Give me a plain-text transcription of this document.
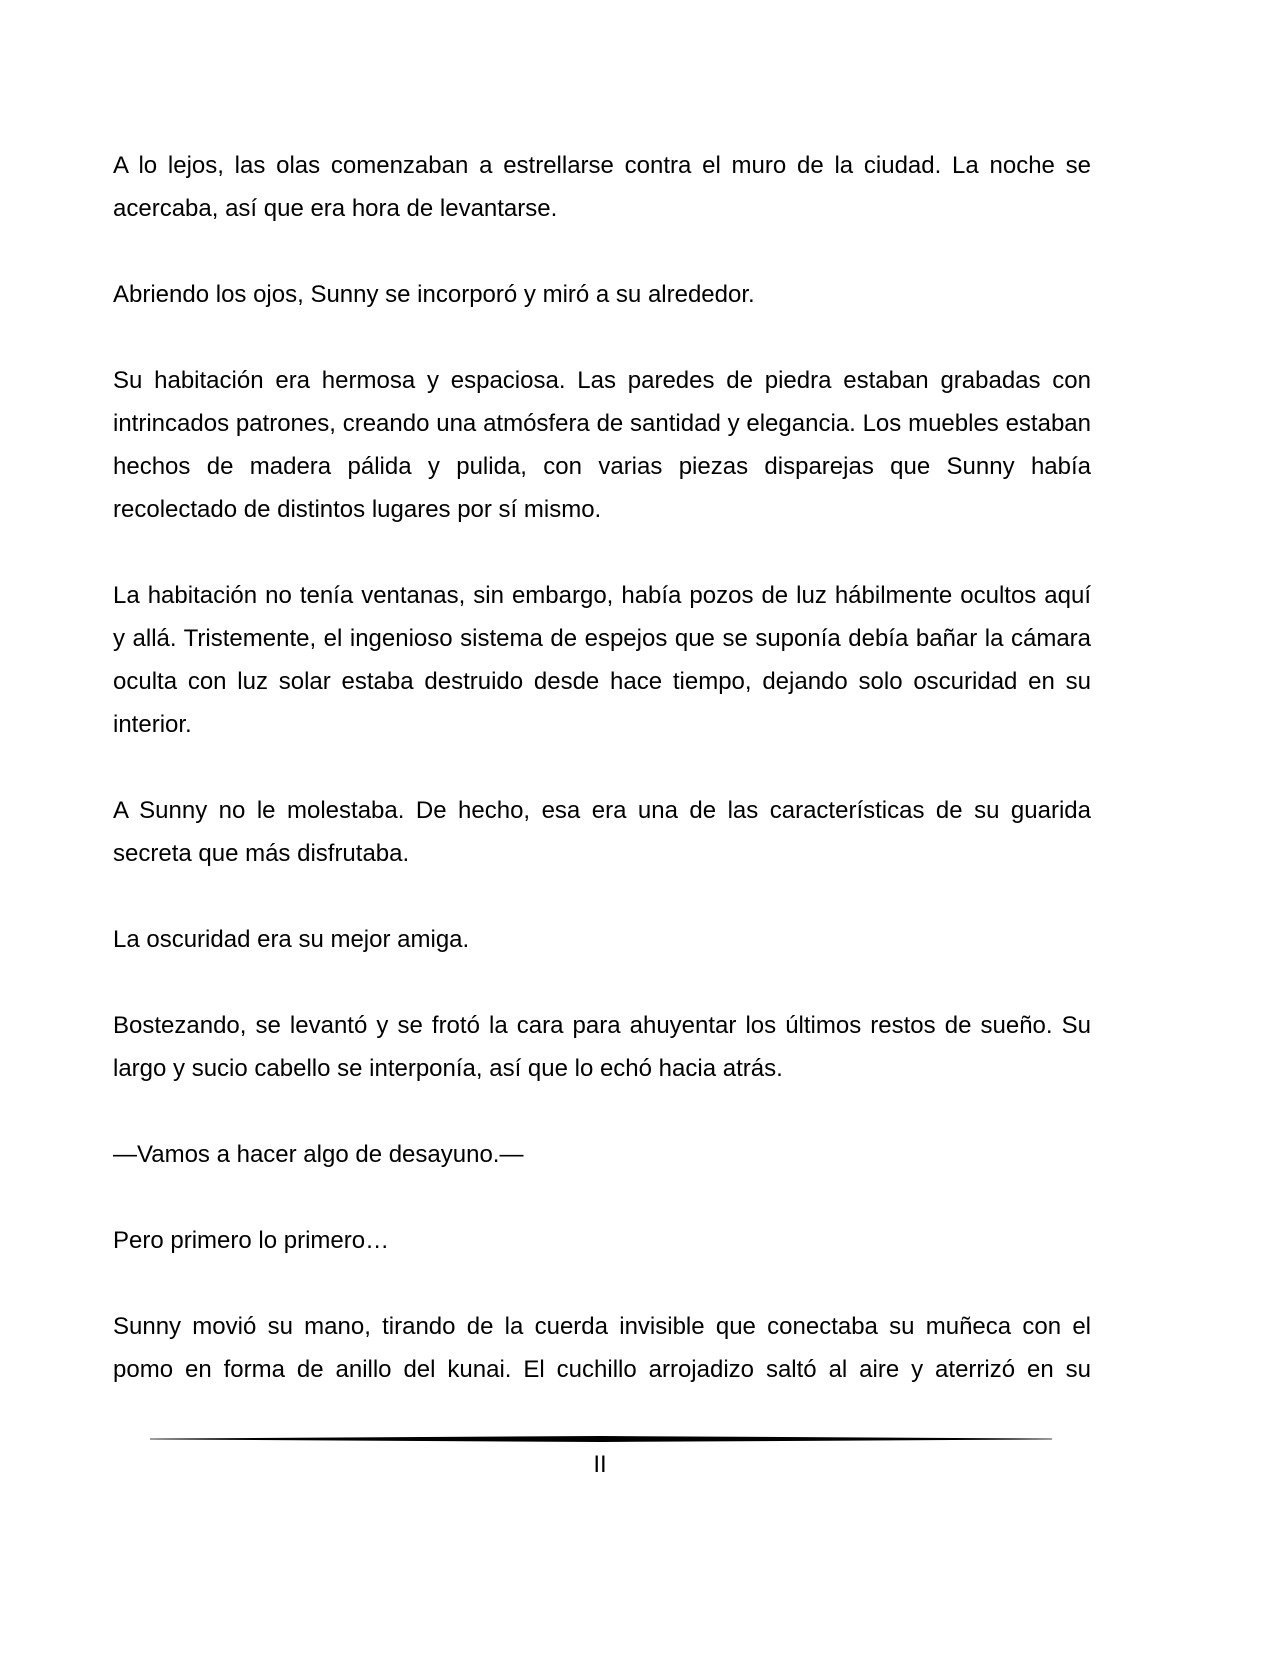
A lo lejos, las olas comenzaban a estrellarse contra el muro de la ciudad. La noche se acercaba, así que era hora de levantarse.

Abriendo los ojos, Sunny se incorporó y miró a su alrededor.

Su habitación era hermosa y espaciosa. Las paredes de piedra estaban grabadas con intrincados patrones, creando una atmósfera de santidad y elegancia. Los muebles estaban hechos de madera pálida y pulida, con varias piezas disparejas que Sunny había recolectado de distintos lugares por sí mismo.

La habitación no tenía ventanas, sin embargo, había pozos de luz hábilmente ocultos aquí y allá. Tristemente, el ingenioso sistema de espejos que se suponía debía bañar la cámara oculta con luz solar estaba destruido desde hace tiempo, dejando solo oscuridad en su interior.

A Sunny no le molestaba. De hecho, esa era una de las características de su guarida secreta que más disfrutaba.

La oscuridad era su mejor amiga.

Bostezando, se levantó y se frotó la cara para ahuyentar los últimos restos de sueño. Su largo y sucio cabello se interponía, así que lo echó hacia atrás.

—Vamos a hacer algo de desayuno.—

Pero primero lo primero…

Sunny movió su mano, tirando de la cuerda invisible que conectaba su muñeca con el pomo en forma de anillo del kunai. El cuchillo arrojadizo saltó al aire y aterrizó en su

II
